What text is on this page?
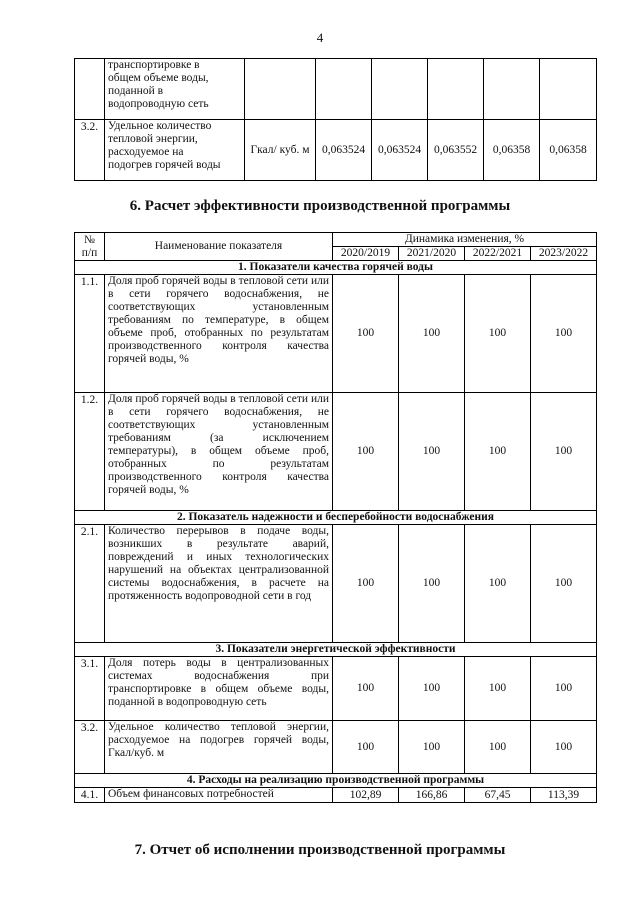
4

	транспортировке в
общем объеме воды,
поданной в
водопроводную сеть						

3.2.	Удельное количество
тепловой энергии,
расходуемое на
подогрев горячей воды	Гкал/ куб. м	0,063524	0,063524	0,063552	0,06358	0,06358
6. Расчет эффективности производственной программы
№ п/п	Наименование показателя	Динамика изменения, %			
		2020/2019	2021/2020	2022/2021	2023/2022
1. Показатели качества горячей воды					
1.1.	Доля проб горячей воды в тепловой сети или в сети горячего водоснабжения, не соответствующих установленным требованиям по температуре, в общем объеме проб, отобранных по результатам производственного контроля качества горячей воды, %	100	100	100	100
1.2.	Доля проб горячей воды в тепловой сети или в сети горячего водоснабжения, не соответствующих установленным требованиям (за исключением температуры), в общем объеме проб, отобранных по результатам производственного контроля качества горячей воды, %	100	100	100	100
2. Показатель надежности и бесперебойности водоснабжения					
2.1.	Количество перерывов в подаче воды, возникших в результате аварий, повреждений и иных технологических нарушений на объектах централизованной системы водоснабжения, в расчете на протяженность водопроводной сети в год	100	100	100	100
3. Показатели энергетической эффективности					
3.1.	Доля потерь воды в централизованных системах водоснабжения при транспортировке в общем объеме воды, поданной в водопроводную сеть	100	100	100	100
3.2.	Удельное количество тепловой энергии, расходуемое на подогрев горячей воды, Гкал/куб. м	100	100	100	100
4. Расходы на реализацию производственной программы					
4.1.	Объем финансовых потребностей	102,89	166,86	67,45	113,39
7. Отчет об исполнении производственной программы
